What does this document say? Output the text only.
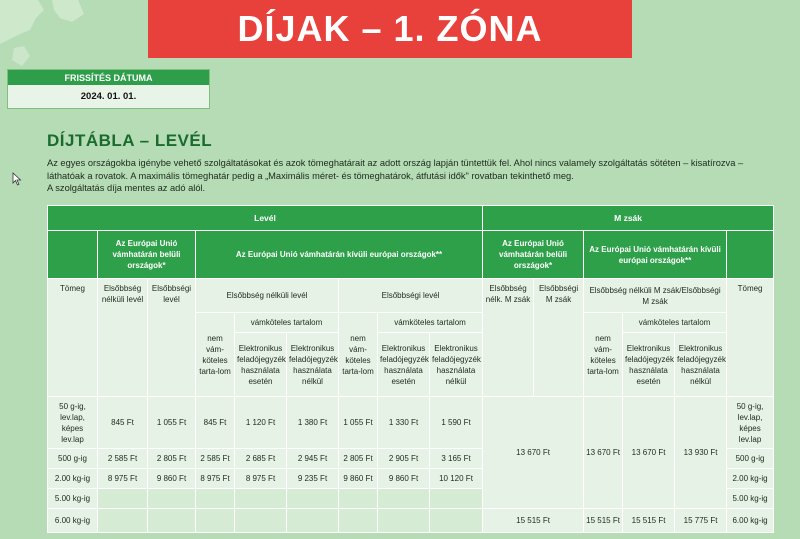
DÍJAK – 1. ZÓNA
FRISSÍTÉS DÁTUMA
2024. 01. 01.
DÍJTÁBLA – LEVÉL

Az egyes országokba igénybe vehető szolgáltatásokat és azok tömeghatárait az adott ország lapján tüntettük fel. Ahol nincs valamely szolgáltatás sötéten – kisatírozva –

láthatóak a rovatok. A maximális tömeghatár pedig a „Maximális méret- és tömeghatárok, átfutási idők" rovatban tekinthető meg.

A szolgáltatás díja mentes az adó alól.

Levél									M zsák					
	Az Európai Unió vámhatárán belüli országok*		Az Európai Unió vámhatárán kívüli európai országok**						Az Európai Unió vámhatárán belüli országok*		Az Európai Unió vámhatárán kívüli európai országok**			
Tömeg	Elsőbbség nélküli levél	Elsőbbségi levél	Elsőbbség nélküli levél			Elsőbbségi levél			Elsőbbség nélk. M zsák	Elsőbbségi M zsák	Elsőbbség nélküli M zsák/Elsőbbségi M zsák			Tömeg
			nem vám-köteles tarta-lom	vámköteles tartalom		nem vám-köteles tarta-lom	vámköteles tartalom				nem vám-köteles tarta-lom	vámköteles tartalom		
				Elektronikus feladójegyzék használata esetén	Elektronikus feladójegyzék használata nélkül		Elektronikus feladójegyzék használata esetén	Elektronikus feladójegyzék használata nélkül				Elektronikus feladójegyzék használata esetén	Elektronikus feladójegyzék használata nélkül	
50 g-ig, lev.lap, képes lev.lap	845 Ft	1 055 Ft	845 Ft	1 120 Ft	1 380 Ft	1 055 Ft	1 330 Ft	1 590 Ft	13 670 Ft		13 670 Ft	13 670 Ft	13 930 Ft	50 g-ig, lev.lap, képes lev.lap
500 g-ig	2 585 Ft	2 805 Ft	2 585 Ft	2 685 Ft	2 945 Ft	2 805 Ft	2 905 Ft	3 165 Ft						500 g-ig
2.00 kg-ig	8 975 Ft	9 860 Ft	8 975 Ft	8 975 Ft	9 235 Ft	9 860 Ft	9 860 Ft	10 120 Ft						2.00 kg-ig
5.00 kg-ig														5.00 kg-ig
6.00 kg-ig									15 515 Ft		15 515 Ft	15 515 Ft	15 775 Ft	6.00 kg-ig
